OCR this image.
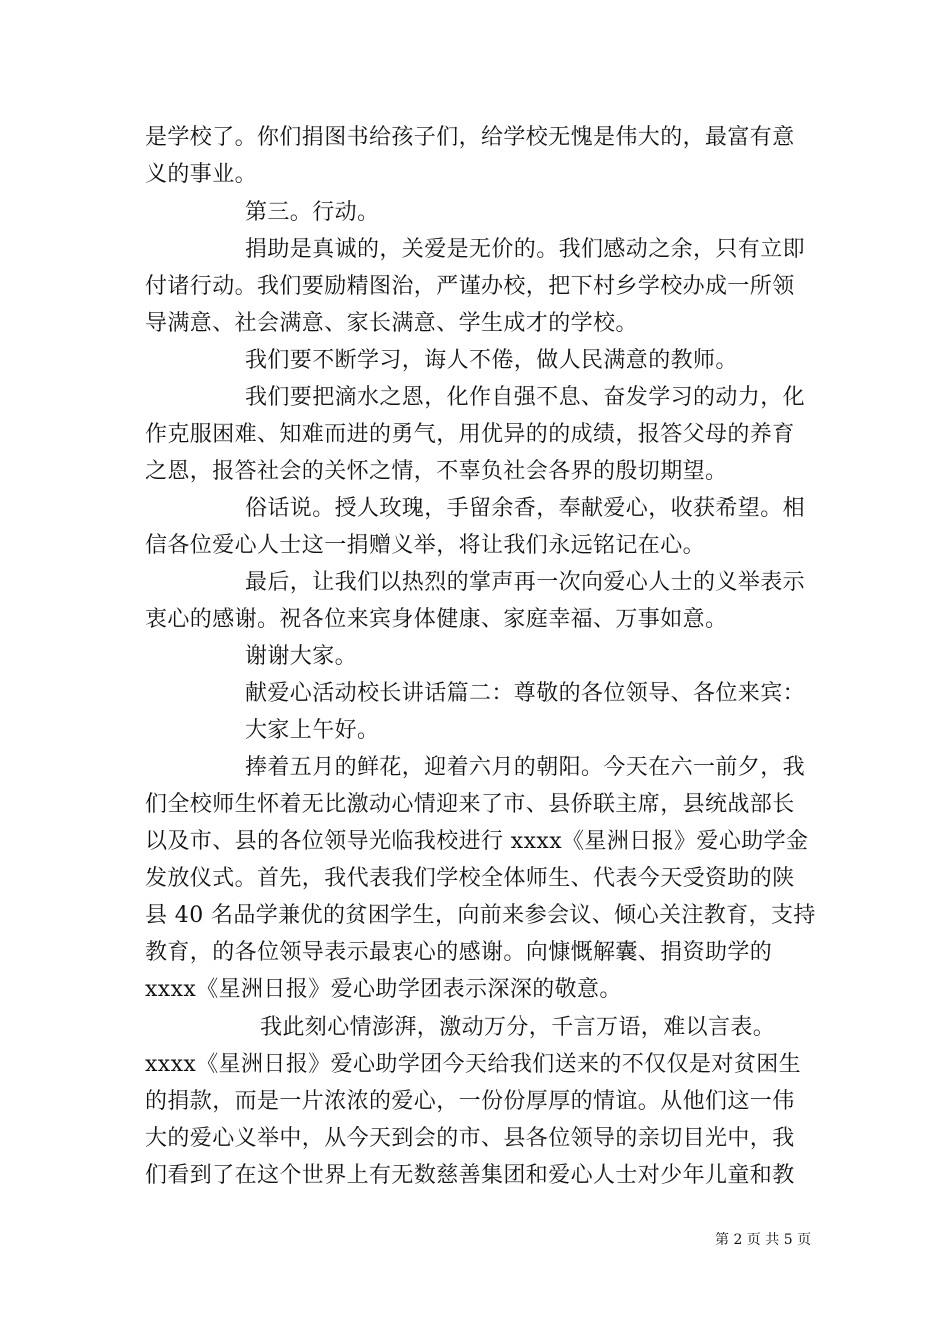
是学校了。你们捐图书给孩子们，给学校无愧是伟大的，最富有意
义的事业。
第三。行动。
捐助是真诚的，关爱是无价的。我们感动之余，只有立即
付诸行动。我们要励精图治，严谨办校，把下村乡学校办成一所领
导满意、社会满意、家长满意、学生成才的学校。
我们要不断学习，诲人不倦，做人民满意的教师。
我们要把滴水之恩，化作自强不息、奋发学习的动力，化
作克服困难、知难而进的勇气，用优异的的成绩，报答父母的养育
之恩，报答社会的关怀之情，不辜负社会各界的殷切期望。
俗话说。授人玫瑰，手留余香，奉献爱心，收获希望。相
信各位爱心人士这一捐赠义举，将让我们永远铭记在心。
最后，让我们以热烈的掌声再一次向爱心人士的义举表示
衷心的感谢。祝各位来宾身体健康、家庭幸福、万事如意。
谢谢大家。
献爱心活动校长讲话篇二：尊敬的各位领导、各位来宾：
大家上午好。
捧着五月的鲜花，迎着六月的朝阳。今天在六一前夕，我
们全校师生怀着无比激动心情迎来了市、县侨联主席，县统战部长
以及市、县的各位领导光临我校进行 xxxx《星洲日报》爱心助学金
发放仪式。首先，我代表我们学校全体师生、代表今天受资助的陕
县 40 名品学兼优的贫困学生，向前来参会议、倾心关注教育，支持
教育，的各位领导表示最衷心的感谢。向慷慨解囊、捐资助学的
xxxx《星洲日报》爱心助学团表示深深的敬意。
我此刻心情澎湃，激动万分，千言万语，难以言表。
xxxx《星洲日报》爱心助学团今天给我们送来的不仅仅是对贫困生
的捐款，而是一片浓浓的爱心，一份份厚厚的情谊。从他们这一伟
大的爱心义举中，从今天到会的市、县各位领导的亲切目光中，我
们看到了在这个世界上有无数慈善集团和爱心人士对少年儿童和教
第 2 页 共 5 页
